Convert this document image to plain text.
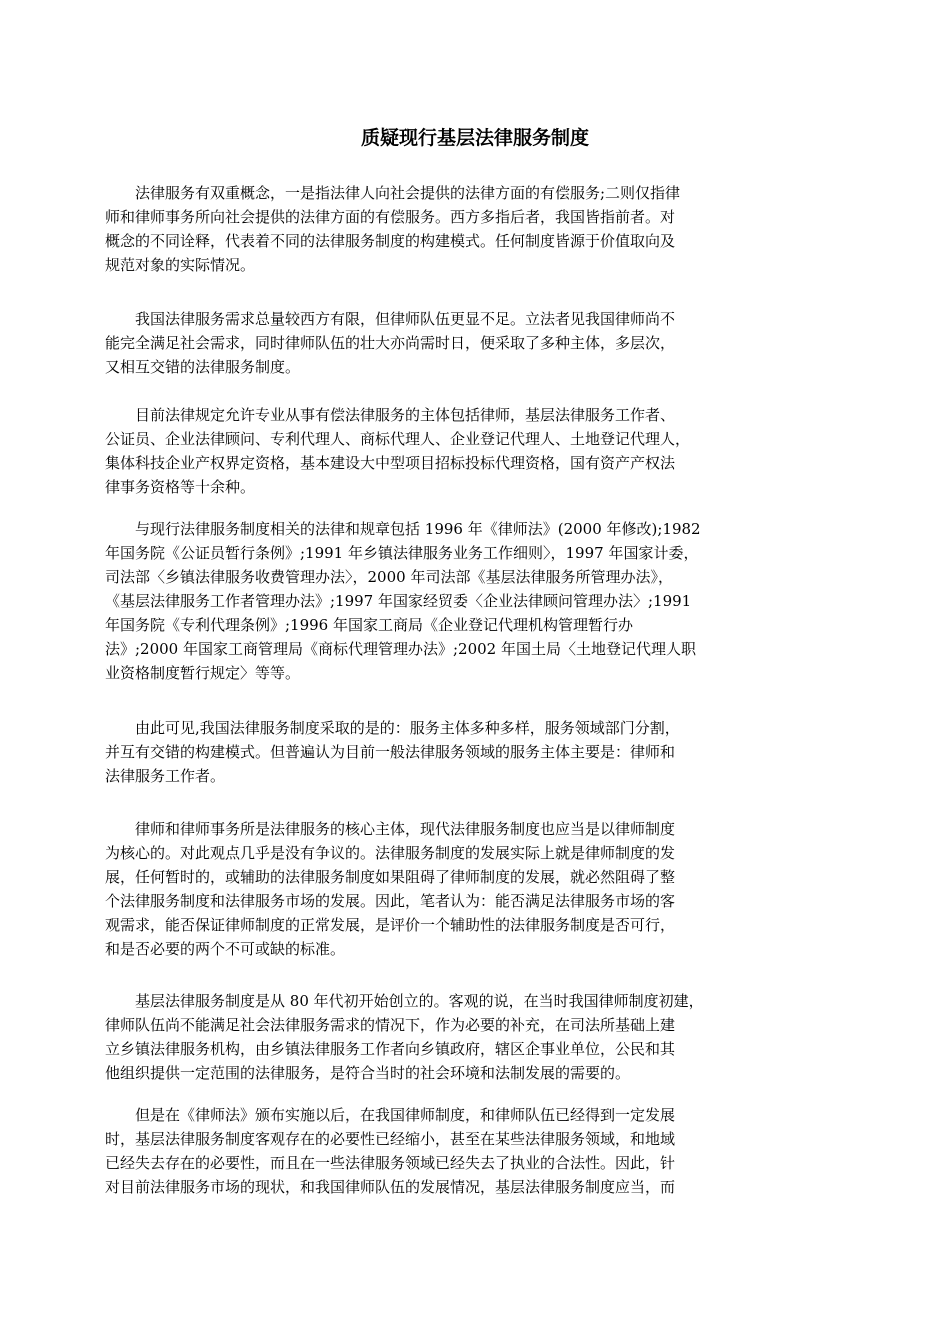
质疑现行基层法律服务制度
　　法律服务有双重概念，一是指法律人向社会提供的法律方面的有偿服务;二则仅指律
师和律师事务所向社会提供的法律方面的有偿服务。西方多指后者，我国皆指前者。对
概念的不同诠释，代表着不同的法律服务制度的构建模式。任何制度皆源于价值取向及
规范对象的实际情况。
　　我国法律服务需求总量较西方有限，但律师队伍更显不足。立法者见我国律师尚不
能完全满足社会需求，同时律师队伍的壮大亦尚需时日，便采取了多种主体，多层次，
又相互交错的法律服务制度。
　　目前法律规定允许专业从事有偿法律服务的主体包括律师，基层法律服务工作者、
公证员、企业法律顾问、专利代理人、商标代理人、企业登记代理人、土地登记代理人，
集体科技企业产权界定资格，基本建设大中型项目招标投标代理资格，国有资产产权法
律事务资格等十余种。
　　与现行法律服务制度相关的法律和规章包括 1996 年《律师法》(2000 年修改);1982
年国务院《公证员暂行条例》;1991 年乡镇法律服务业务工作细则〉，1997 年国家计委，
司法部〈乡镇法律服务收费管理办法〉，2000 年司法部《基层法律服务所管理办法》，
《基层法律服务工作者管理办法》;1997 年国家经贸委〈企业法律顾问管理办法〉;1991
年国务院《专利代理条例》;1996 年国家工商局《企业登记代理机构管理暂行办
法》;2000 年国家工商管理局《商标代理管理办法》;2002 年国土局〈土地登记代理人职
业资格制度暂行规定〉等等。
　　由此可见,我国法律服务制度采取的是的：服务主体多种多样，服务领域部门分割，
并互有交错的构建模式。但普遍认为目前一般法律服务领域的服务主体主要是：律师和
法律服务工作者。
　　律师和律师事务所是法律服务的核心主体，现代法律服务制度也应当是以律师制度
为核心的。对此观点几乎是没有争议的。法律服务制度的发展实际上就是律师制度的发
展，任何暂时的，或辅助的法律服务制度如果阻碍了律师制度的发展，就必然阻碍了整
个法律服务制度和法律服务市场的发展。因此，笔者认为：能否满足法律服务市场的客
观需求，能否保证律师制度的正常发展，是评价一个辅助性的法律服务制度是否可行，
和是否必要的两个不可或缺的标准。
　　基层法律服务制度是从 80 年代初开始创立的。客观的说，在当时我国律师制度初建，
律师队伍尚不能满足社会法律服务需求的情况下，作为必要的补充，在司法所基础上建
立乡镇法律服务机构，由乡镇法律服务工作者向乡镇政府，辖区企事业单位，公民和其
他组织提供一定范围的法律服务，是符合当时的社会环境和法制发展的需要的。
　　但是在《律师法》颁布实施以后，在我国律师制度，和律师队伍已经得到一定发展
时，基层法律服务制度客观存在的必要性已经缩小，甚至在某些法律服务领域，和地域
已经失去存在的必要性，而且在一些法律服务领域已经失去了执业的合法性。因此，针
对目前法律服务市场的现状，和我国律师队伍的发展情况，基层法律服务制度应当，而
